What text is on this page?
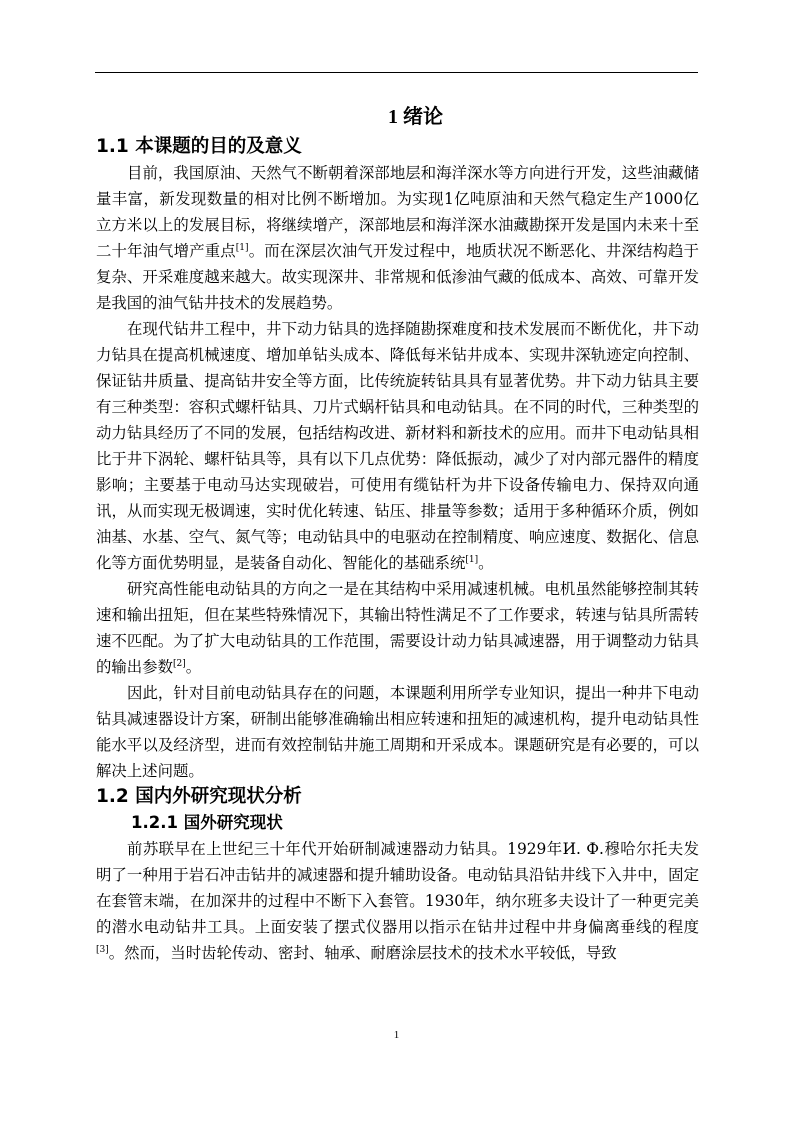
1 绪论
1.1 本课题的目的及意义

目前，我国原油、天然气不断朝着深部地层和海洋深水等方向进行开发，这些油藏储量丰富，新发现数量的相对比例不断增加。为实现1亿吨原油和天然气稳定生产1000亿立方米以上的发展目标，将继续增产，深部地层和海洋深水油藏勘探开发是国内未来十至二十年油气增产重点[1]。而在深层次油气开发过程中，地质状况不断恶化、井深结构趋于复杂、开采难度越来越大。故实现深井、非常规和低渗油气藏的低成本、高效、可靠开发是我国的油气钻井技术的发展趋势。

在现代钻井工程中，井下动力钻具的选择随勘探难度和技术发展而不断优化，井下动力钻具在提高机械速度、增加单钻头成本、降低每米钻井成本、实现井深轨迹定向控制、保证钻井质量、提高钻井安全等方面，比传统旋转钻具具有显著优势。井下动力钻具主要有三种类型：容积式螺杆钻具、刀片式蜗杆钻具和电动钻具。在不同的时代，三种类型的动力钻具经历了不同的发展，包括结构改进、新材料和新技术的应用。而井下电动钻具相比于井下涡轮、螺杆钻具等，具有以下几点优势：降低振动，减少了对内部元器件的精度影响；主要基于电动马达实现破岩，可使用有缆钻杆为井下设备传输电力、保持双向通讯，从而实现无极调速，实时优化转速、钻压、排量等参数；适用于多种循环介质，例如油基、水基、空气、氮气等；电动钻具中的电驱动在控制精度、响应速度、数据化、信息化等方面优势明显，是装备自动化、智能化的基础系统[1]。

研究高性能电动钻具的方向之一是在其结构中采用减速机械。电机虽然能够控制其转速和输出扭矩，但在某些特殊情况下，其输出特性满足不了工作要求，转速与钻具所需转速不匹配。为了扩大电动钻具的工作范围，需要设计动力钻具减速器，用于调整动力钻具的输出参数[2]。

因此，针对目前电动钻具存在的问题，本课题利用所学专业知识，提出一种井下电动钻具减速器设计方案，研制出能够准确输出相应转速和扭矩的减速机构，提升电动钻具性能水平以及经济型，进而有效控制钻井施工周期和开采成本。课题研究是有必要的，可以解决上述问题。

1.2 国内外研究现状分析
1.2.1 国外研究现状

前苏联早在上世纪三十年代开始研制减速器动力钻具。1929年И. Ф.穆哈尔托夫发明了一种用于岩石冲击钻井的减速器和提升辅助设备。电动钻具沿钻井线下入井中，固定在套管末端，在加深井的过程中不断下入套管。1930年，纳尔班多夫设计了一种更完美的潜水电动钻井工具。上面安装了摆式仪器用以指示在钻井过程中井身偏离垂线的程度[3]。然而，当时齿轮传动、密封、轴承、耐磨涂层技术的技术水平较低，导致

1
